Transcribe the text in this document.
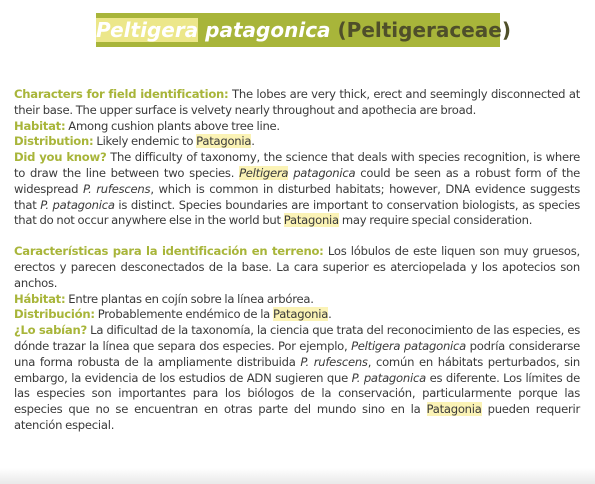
Peltigera patagonica (Peltigeraceae)

Characters for field identification: The lobes are very thick, erect and seemingly disconnected at their base. The upper surface is velvety nearly throughout and apothecia are broad.

Habitat: Among cushion plants above tree line.

Distribution: Likely endemic to Patagonia.

Did you know? The difficulty of taxonomy, the science that deals with species recognition, is where to draw the line between two species. Peltigera patagonica could be seen as a robust form of the widespread P. rufescens, which is common in disturbed habitats; however, DNA evidence suggests that P. patagonica is distinct. Species boundaries are important to conservation biologists, as species that do not occur anywhere else in the world but Patagonia may require special consideration.

Características para la identificación en terreno: Los lóbulos de este liquen son muy gruesos, erectos y parecen desconectados de la base. La cara superior es aterciopelada y los apotecios son anchos.

Hábitat: Entre plantas en cojín sobre la línea arbórea.

Distribución: Probablemente endémico de la Patagonia.

¿Lo sabían? La dificultad de la taxonomía, la ciencia que trata del reconocimiento de las especies, es dónde trazar la línea que separa dos especies. Por ejemplo, Peltigera patagonica podría considerarse una forma robusta de la ampliamente distribuida P. rufescens, común en hábitats perturbados, sin embargo, la evidencia de los estudios de ADN sugieren que P. patagonica es diferente. Los límites de las especies son importantes para los biólogos de la conservación, particularmente porque las especies que no se encuentran en otras parte del mundo sino en la Patagonia pueden requerir atención especial.
